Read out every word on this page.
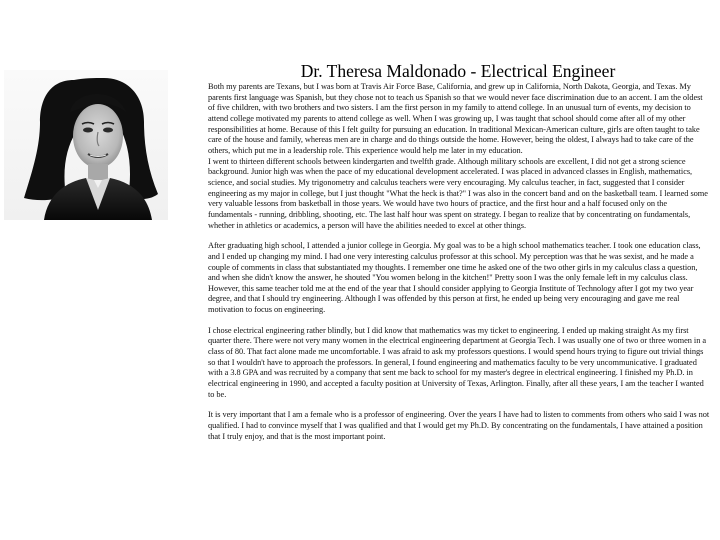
Dr. Theresa Maldonado - Electrical Engineer

Both my parents are Texans, but I was born at Travis Air Force Base, California, and grew up in California, North Dakota, Georgia, and Texas. My parents first language was Spanish, but they chose not to teach us Spanish so that we would never face discrimination due to an accent. I am the oldest of five children, with two brothers and two sisters. I am the first person in my family to attend college. In an unusual turn of events, my decision to attend college motivated my parents to attend college as well. When I was growing up, I was taught that school should come after all of my other responsibilities at home. Because of this I felt guilty for pursuing an education. In traditional Mexican-American culture, girls are often taught to take care of the house and family, whereas men are in charge and do things outside the home. However, being the oldest, I always had to take care of the others, which put me in a leadership role. This experience would help me later in my education.

I went to thirteen different schools between kindergarten and twelfth grade. Although military schools are excellent, I did not get a strong science background. Junior high was when the pace of my educational development accelerated. I was placed in advanced classes in English, mathematics, science, and social studies. My trigonometry and calculus teachers were very encouraging. My calculus teacher, in fact, suggested that I consider engineering as my major in college, but I just thought "What the heck is that?" I was also in the concert band and on the basketball team. I learned some very valuable lessons from basketball in those years. We would have two hours of practice, and the first hour and a half focused only on the fundamentals - running, dribbling, shooting, etc. The last half hour was spent on strategy. I began to realize that by concentrating on fundamentals, whether in athletics or academics, a person will have the abilities needed to excel at other things.

After graduating high school, I attended a junior college in Georgia. My goal was to be a high school mathematics teacher. I took one education class, and I ended up changing my mind. I had one very interesting calculus professor at this school. My perception was that he was sexist, and he made a couple of comments in class that substantiated my thoughts. I remember one time he asked one of the two other girls in my calculus class a question, and when she didn't know the answer, he shouted "You women belong in the kitchen!" Pretty soon I was the only female left in my calculus class. However, this same teacher told me at the end of the year that I should consider applying to Georgia Institute of Technology after I got my two year degree, and that I should try engineering. Although I was offended by this person at first, he ended up being very encouraging and gave me real motivation to focus on engineering.

I chose electrical engineering rather blindly, but I did know that mathematics was my ticket to engineering. I ended up making straight As my first quarter there. There were not very many women in the electrical engineering department at Georgia Tech. I was usually one of two or three women in a class of 80. That fact alone made me uncomfortable. I was afraid to ask my professors questions. I would spend hours trying to figure out trivial things so that I wouldn't have to approach the professors. In general, I found engineering and mathematics faculty to be very uncommunicative. I graduated with a 3.8 GPA and was recruited by a company that sent me back to school for my master's degree in electrical engineering. I finished my Ph.D. in electrical engineering in 1990, and accepted a faculty position at University of Texas, Arlington. Finally, after all these years, I am the teacher I wanted to be.

It is very important that I am a female who is a professor of engineering. Over the years I have had to listen to comments from others who said I was not qualified. I had to convince myself that I was qualified and that I would get my Ph.D. By concentrating on the fundamentals, I have attained a position that I truly enjoy, and that is the most important point.
